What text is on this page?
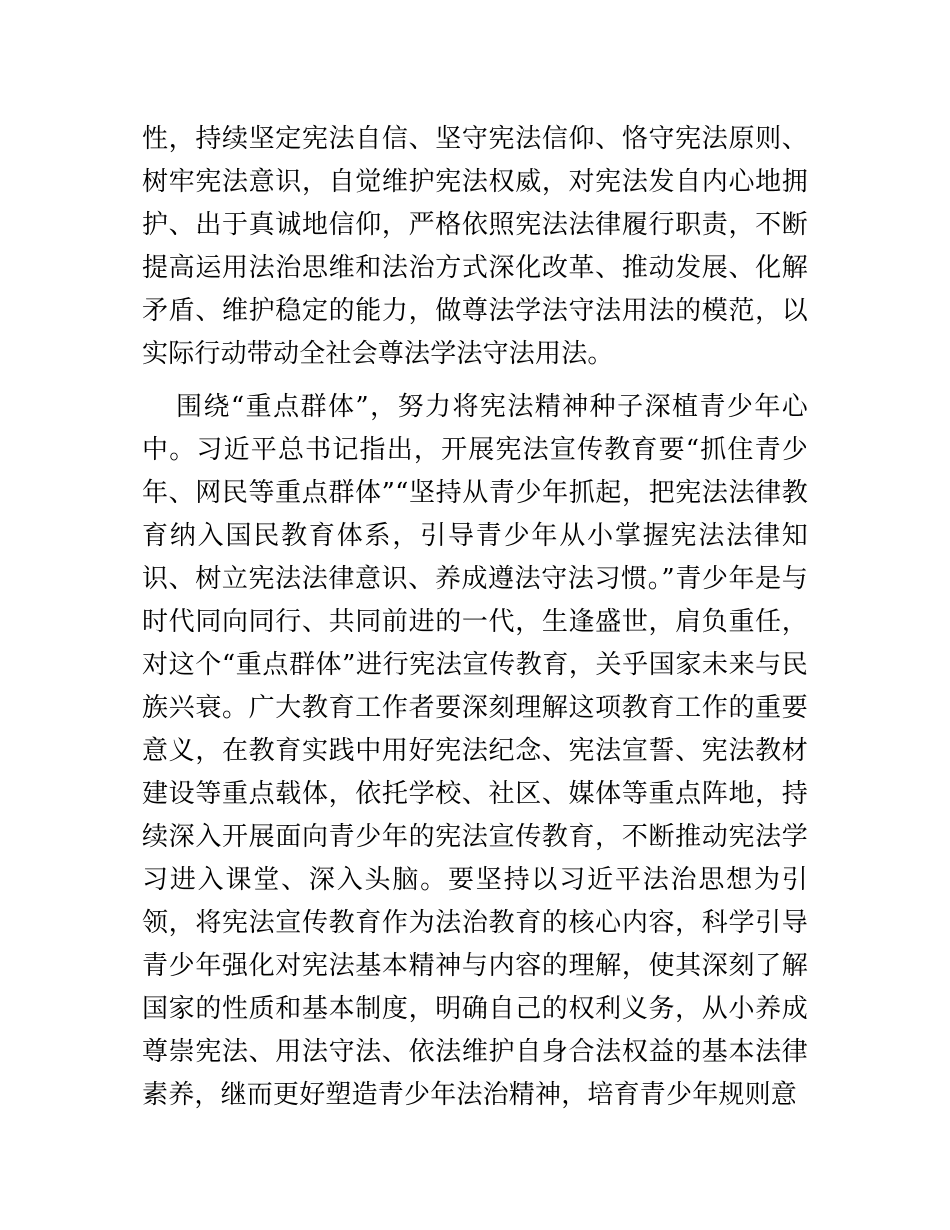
性，持续坚定宪法自信、坚守宪法信仰、恪守宪法原则、树牢宪法意识，自觉维护宪法权威，对宪法发自内心地拥护、出于真诚地信仰，严格依照宪法法律履行职责，不断提高运用法治思维和法治方式深化改革、推动发展、化解矛盾、维护稳定的能力，做尊法学法守法用法的模范，以实际行动带动全社会尊法学法守法用法。

围绕“重点群体”，努力将宪法精神种子深植青少年心中。习近平总书记指出，开展宪法宣传教育要“抓住青少年、网民等重点群体”“坚持从青少年抓起，把宪法法律教育纳入国民教育体系，引导青少年从小掌握宪法法律知识、树立宪法法律意识、养成遵法守法习惯。”青少年是与时代同向同行、共同前进的一代，生逢盛世，肩负重任，对这个“重点群体”进行宪法宣传教育，关乎国家未来与民族兴衰。广大教育工作者要深刻理解这项教育工作的重要意义，在教育实践中用好宪法纪念、宪法宣誓、宪法教材建设等重点载体，依托学校、社区、媒体等重点阵地，持续深入开展面向青少年的宪法宣传教育，不断推动宪法学习进入课堂、深入头脑。要坚持以习近平法治思想为引领，将宪法宣传教育作为法治教育的核心内容，科学引导青少年强化对宪法基本精神与内容的理解，使其深刻了解国家的性质和基本制度，明确自己的权利义务，从小养成尊崇宪法、用法守法、依法维护自身合法权益的基本法律素养，继而更好塑造青少年法治精神，培育青少年规则意
